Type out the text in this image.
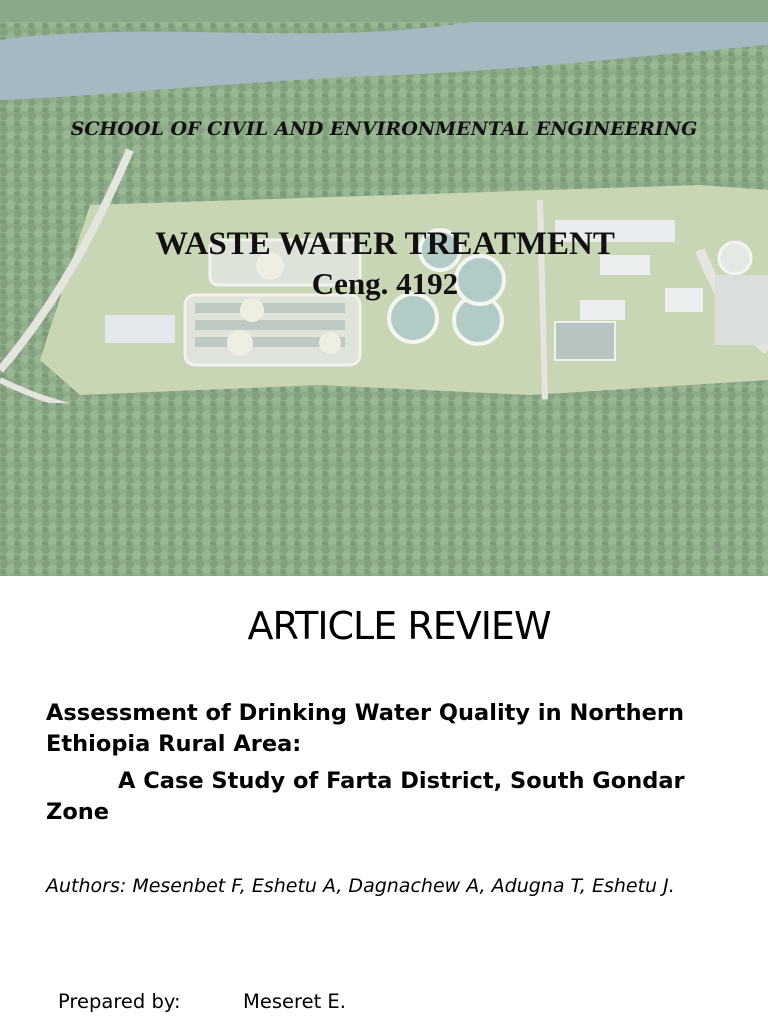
SCHOOL OF CIVIL AND ENVIRONMENTAL ENGINEERING
WASTE WATER TREATMENT
Ceng. 4192
1
ARTICLE REVIEW
Assessment of Drinking Water Quality in Northern Ethiopia Rural Area:
A Case Study of Farta District, South Gondar Zone
Authors: Mesenbet F, Eshetu A, Dagnachew A, Adugna T, Eshetu J.
Prepared by:	Meseret E.
